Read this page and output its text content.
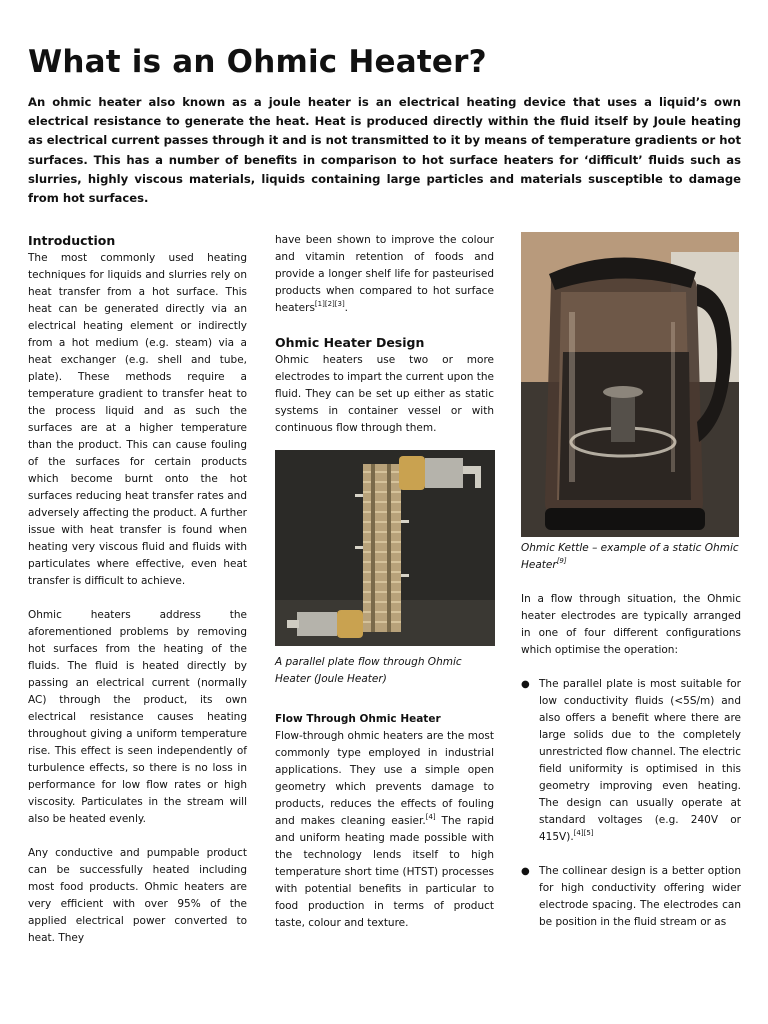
What is an Ohmic Heater?

An ohmic heater also known as a joule heater is an electrical heating device that uses a liquid’s own electrical resistance to generate the heat. Heat is produced directly within the fluid itself by Joule heating as electrical current passes through it and is not transmitted to it by means of temperature gradients or hot surfaces. This has a number of benefits in comparison to hot surface heaters for ‘difficult’ fluids such as slurries, highly viscous materials, liquids containing large particles and materials susceptible to damage from hot surfaces.

Introduction

The most commonly used heating techniques for liquids and slurries rely on heat transfer from a hot surface. This heat can be generated directly via an electrical heating element or indirectly from a hot medium (e.g. steam) via a heat exchanger (e.g. shell and tube, plate). These methods require a temperature gradient to transfer heat to the process liquid and as such the surfaces are at a higher temperature than the product. This can cause fouling of the surfaces for certain products which become burnt onto the hot surfaces reducing heat transfer rates and adversely affecting the product. A further issue with heat transfer is found when heating very viscous fluid and fluids with particulates where effective, even heat transfer is difficult to achieve.

Ohmic heaters address the aforementioned problems by removing hot surfaces from the heating of the fluids. The fluid is heated directly by passing an electrical current (normally AC) through the product, its own electrical resistance causes heating throughout giving a uniform temperature rise. This effect is seen independently of turbulence effects, so there is no loss in performance for low flow rates or high viscosity. Particulates in the stream will also be heated evenly.

Any conductive and pumpable product can be successfully heated including most food products. Ohmic heaters are very efficient with over 95% of the applied electrical power converted to heat. They

have been shown to improve the colour and vitamin retention of foods and provide a longer shelf life for pasteurised products when compared to hot surface heaters[1][2][3].

Ohmic Heater Design

Ohmic heaters use two or more electrodes to impart the current upon the fluid. They can be set up either as static systems in container vessel or with continuous flow through them.

A parallel plate flow through Ohmic Heater (Joule Heater)

Flow Through Ohmic Heater

Flow-through ohmic heaters are the most commonly type employed in industrial applications. They use a simple open geometry which prevents damage to products, reduces the effects of fouling and makes cleaning easier.[4] The rapid and uniform heating made possible with the technology lends itself to high temperature short time (HTST) processes with potential benefits in particular to food production in terms of product taste, colour and texture.

Ohmic Kettle – example of a static Ohmic Heater[9]

In a flow through situation, the Ohmic heater electrodes are typically arranged in one of four different configurations which optimise the operation:

● The parallel plate is most suitable for low conductivity fluids (<5S/m) and also offers a benefit where there are large solids due to the completely unrestricted flow channel. The electric field uniformity is optimised in this geometry improving even heating. The design can usually operate at standard voltages (e.g. 240V or 415V).[4][5]

● The collinear design is a better option for high conductivity offering wider electrode spacing. The electrodes can be position in the fluid stream or as
